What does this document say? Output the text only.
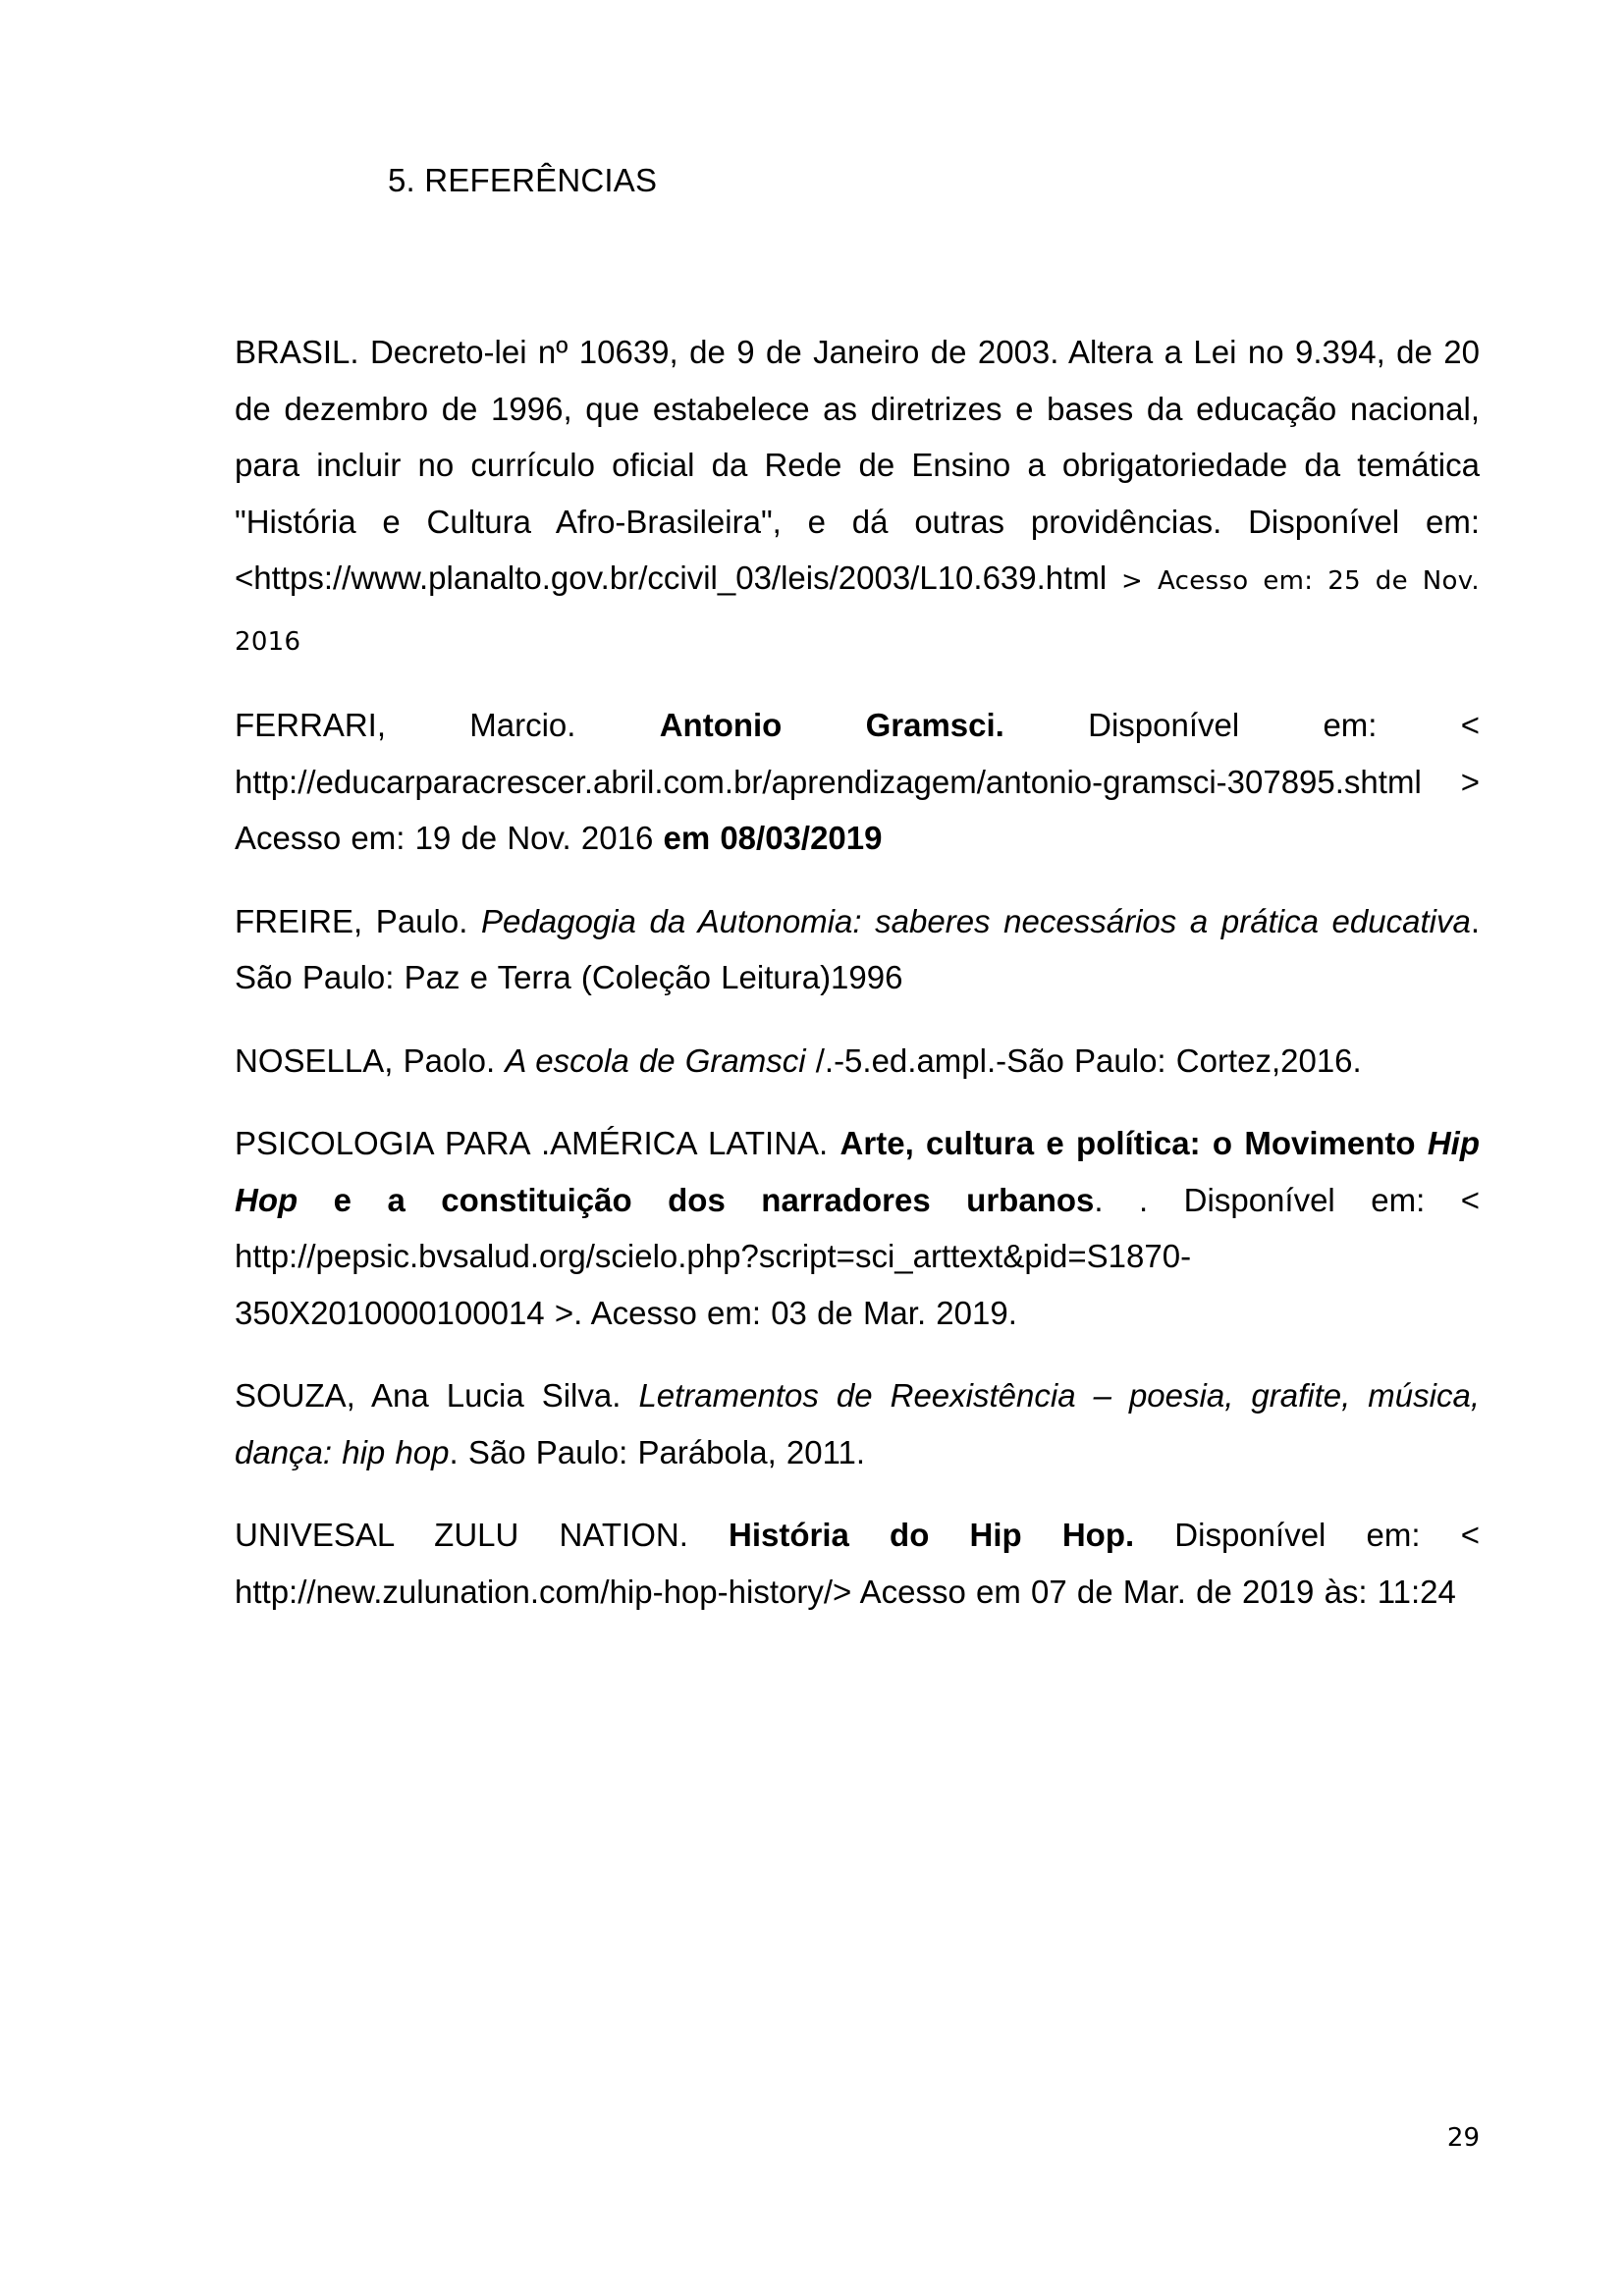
5. REFERÊNCIAS

BRASIL. Decreto-lei nº 10639, de 9 de Janeiro de 2003. Altera a Lei no 9.394, de 20 de dezembro de 1996, que estabelece as diretrizes e bases da educação nacional, para incluir no currículo oficial da Rede de Ensino a obrigatoriedade da temática "História e Cultura Afro-Brasileira", e dá outras providências. Disponível em: <https://www.planalto.gov.br/ccivil_03/leis/2003/L10.639.html > Acesso em: 25 de Nov. 2016

FERRARI, Marcio. Antonio Gramsci. Disponível em: < http://educarparacrescer.abril.com.br/aprendizagem/antonio-gramsci-307895.shtml > Acesso em: 19 de Nov. 2016 em 08/03/2019

FREIRE, Paulo. Pedagogia da Autonomia: saberes necessários a prática educativa. São Paulo: Paz e Terra (Coleção Leitura)1996

NOSELLA, Paolo. A escola de Gramsci /.-5.ed.ampl.-São Paulo: Cortez,2016.

PSICOLOGIA PARA .AMÉRICA LATINA. Arte, cultura e política: o Movimento Hip Hop e a constituição dos narradores urbanos. . Disponível em: < http://pepsic.bvsalud.org/scielo.php?script=sci_arttext&pid=S1870-350X2010000100014 >. Acesso em: 03 de Mar. 2019.

SOUZA, Ana Lucia Silva. Letramentos de Reexistência – poesia, grafite, música, dança: hip hop. São Paulo: Parábola, 2011.

UNIVESAL ZULU NATION. História do Hip Hop. Disponível em: < http://new.zulunation.com/hip-hop-history/> Acesso em 07 de Mar. de 2019 às: 11:24

29
